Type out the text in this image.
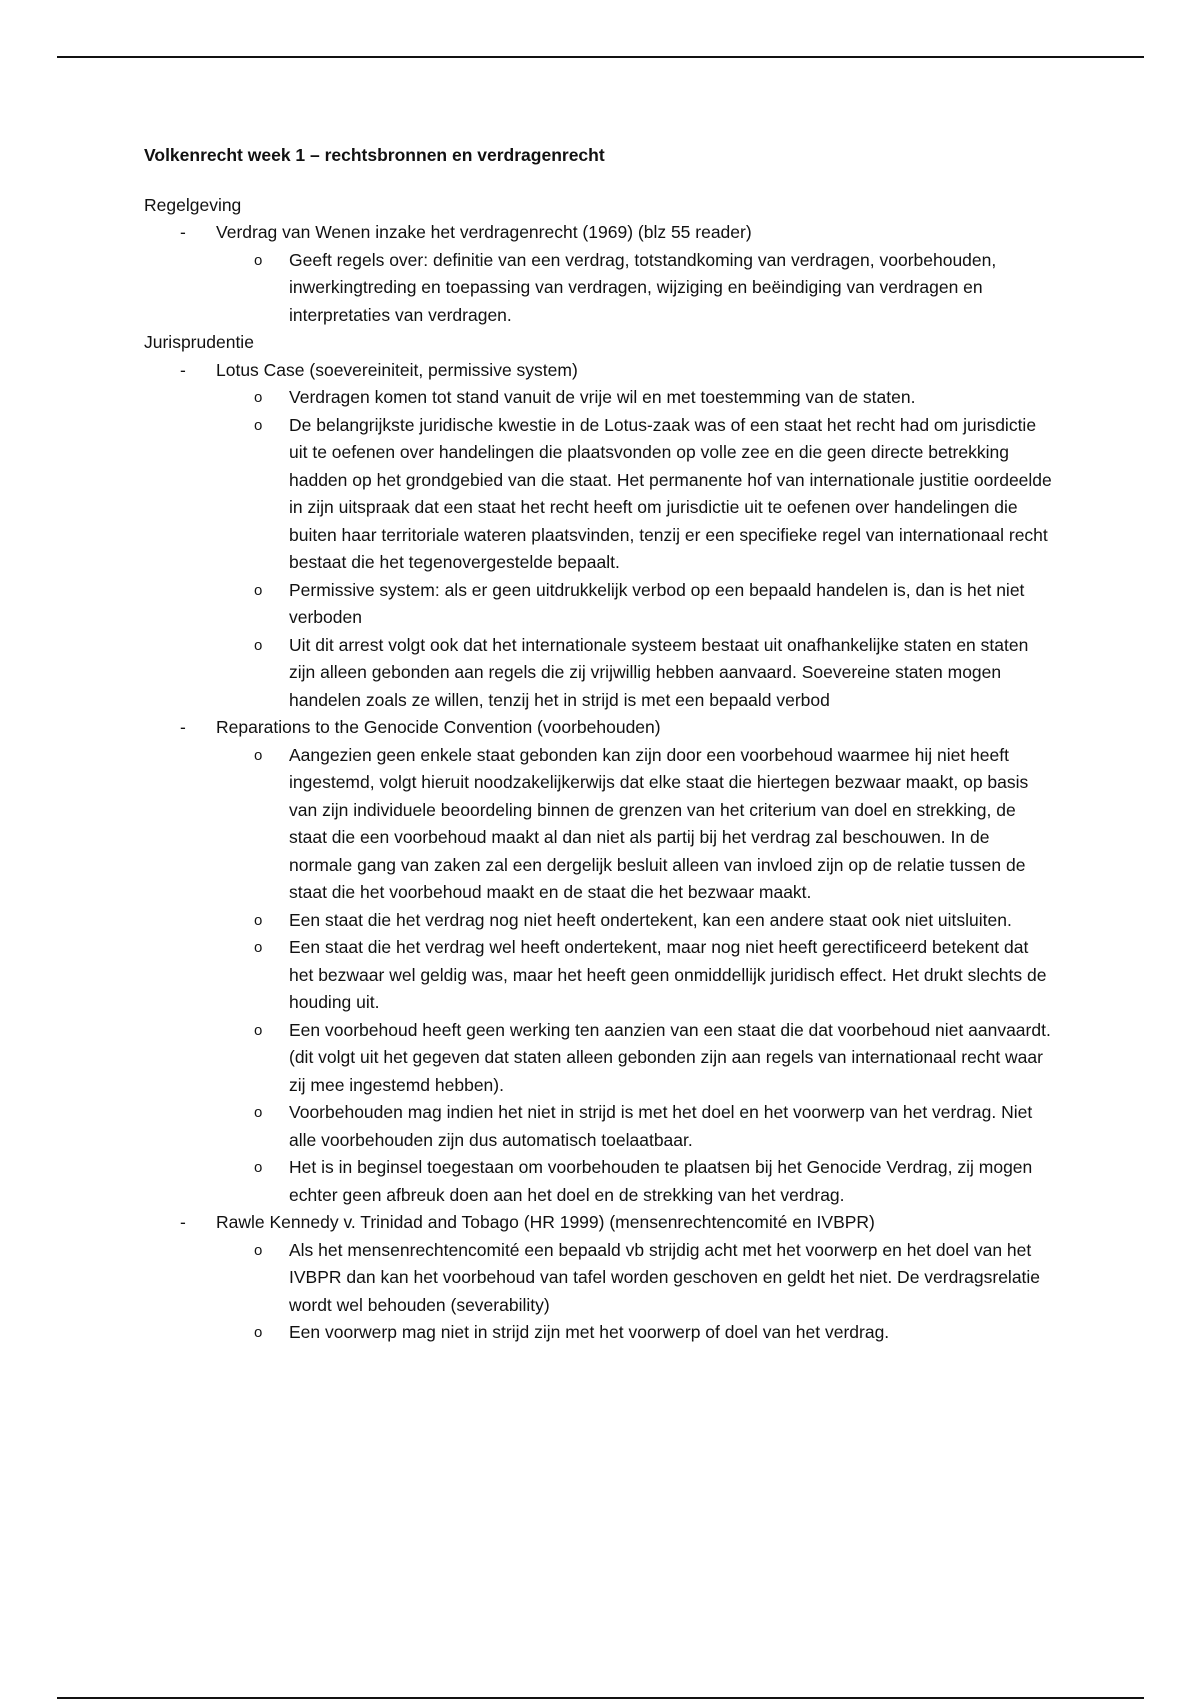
Volkenrecht week 1 – rechtsbronnen en verdragenrecht

Regelgeving
- Verdrag van Wenen inzake het verdragenrecht (1969) (blz 55 reader)
o Geeft regels over: definitie van een verdrag, totstandkoming van verdragen, voorbehouden, inwerkingtreding en toepassing van verdragen, wijziging en beëindiging van verdragen en interpretaties van verdragen.
Jurisprudentie
- Lotus Case (soevereiniteit, permissive system)
o Verdragen komen tot stand vanuit de vrije wil en met toestemming van de staten.
o De belangrijkste juridische kwestie in de Lotus-zaak was of een staat het recht had om jurisdictie uit te oefenen over handelingen die plaatsvonden op volle zee en die geen directe betrekking hadden op het grondgebied van die staat. Het permanente hof van internationale justitie oordeelde in zijn uitspraak dat een staat het recht heeft om jurisdictie uit te oefenen over handelingen die buiten haar territoriale wateren plaatsvinden, tenzij er een specifieke regel van internationaal recht bestaat die het tegenovergestelde bepaalt.
o Permissive system: als er geen uitdrukkelijk verbod op een bepaald handelen is, dan is het niet verboden
o Uit dit arrest volgt ook dat het internationale systeem bestaat uit onafhankelijke staten en staten zijn alleen gebonden aan regels die zij vrijwillig hebben aanvaard. Soevereine staten mogen handelen zoals ze willen, tenzij het in strijd is met een bepaald verbod
- Reparations to the Genocide Convention (voorbehouden)
o Aangezien geen enkele staat gebonden kan zijn door een voorbehoud waarmee hij niet heeft ingestemd, volgt hieruit noodzakelijkerwijs dat elke staat die hiertegen bezwaar maakt, op basis van zijn individuele beoordeling binnen de grenzen van het criterium van doel en strekking, de staat die een voorbehoud maakt al dan niet als partij bij het verdrag zal beschouwen. In de normale gang van zaken zal een dergelijk besluit alleen van invloed zijn op de relatie tussen de staat die het voorbehoud maakt en de staat die het bezwaar maakt.
o Een staat die het verdrag nog niet heeft ondertekent, kan een andere staat ook niet uitsluiten.
o Een staat die het verdrag wel heeft ondertekent, maar nog niet heeft gerectificeerd betekent dat het bezwaar wel geldig was, maar het heeft geen onmiddellijk juridisch effect. Het drukt slechts de houding uit.
o Een voorbehoud heeft geen werking ten aanzien van een staat die dat voorbehoud niet aanvaardt. (dit volgt uit het gegeven dat staten alleen gebonden zijn aan regels van internationaal recht waar zij mee ingestemd hebben).
o Voorbehouden mag indien het niet in strijd is met het doel en het voorwerp van het verdrag. Niet alle voorbehouden zijn dus automatisch toelaatbaar.
o Het is in beginsel toegestaan om voorbehouden te plaatsen bij het Genocide Verdrag, zij mogen echter geen afbreuk doen aan het doel en de strekking van het verdrag.
- Rawle Kennedy v. Trinidad and Tobago (HR 1999) (mensenrechtencomité en IVBPR)
o Als het mensenrechtencomité een bepaald vb strijdig acht met het voorwerp en het doel van het IVBPR dan kan het voorbehoud van tafel worden geschoven en geldt het niet. De verdragsrelatie wordt wel behouden (severability)
o Een voorwerp mag niet in strijd zijn met het voorwerp of doel van het verdrag.
